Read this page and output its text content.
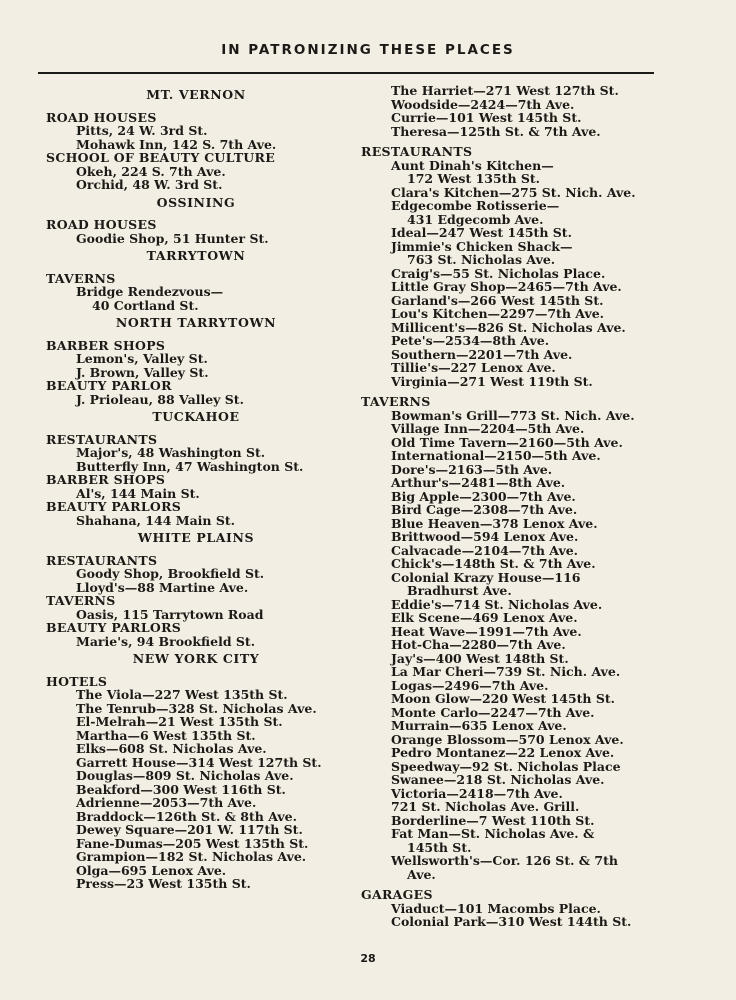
IN PATRONIZING THESE PLACES
MT. VERNON
ROAD HOUSES
Pitts, 24 W. 3rd St.
Mohawk Inn, 142 S. 7th Ave.
SCHOOL OF BEAUTY CULTURE
Okeh, 224 S. 7th Ave.
Orchid, 48 W. 3rd St.
OSSINING
ROAD HOUSES
Goodie Shop, 51 Hunter St.
TARRYTOWN
TAVERNS
Bridge Rendezvous—
40 Cortland St.
NORTH TARRYTOWN
BARBER SHOPS
Lemon's, Valley St.
J. Brown, Valley St.
BEAUTY PARLOR
J. Prioleau, 88 Valley St.
TUCKAHOE
RESTAURANTS
Major's, 48 Washington St.
Butterfly Inn, 47 Washington St.
BARBER SHOPS
Al's, 144 Main St.
BEAUTY PARLORS
Shahana, 144 Main St.
WHITE PLAINS
RESTAURANTS
Goody Shop, Brookfield St.
Lloyd's—88 Martine Ave.
TAVERNS
Oasis, 115 Tarrytown Road
BEAUTY PARLORS
Marie's, 94 Brookfield St.
NEW YORK CITY
HOTELS
The Viola—227 West 135th St.
The Tenrub—328 St. Nicholas Ave.
El-Melrah—21 West 135th St.
Martha—6 West 135th St.
Elks—608 St. Nicholas Ave.
Garrett House—314 West 127th St.
Douglas—809 St. Nicholas Ave.
Beakford—300 West 116th St.
Adrienne—2053—7th Ave.
Braddock—126th St. & 8th Ave.
Dewey Square—201 W. 117th St.
Fane-Dumas—205 West 135th St.
Grampion—182 St. Nicholas Ave.
Olga—695 Lenox Ave.
Press—23 West 135th St.
The Harriet—271 West 127th St.
Woodside—2424—7th Ave.
Currie—101 West 145th St.
Theresa—125th St. & 7th Ave.
RESTAURANTS
Aunt Dinah's Kitchen—
172 West 135th St.
Clara's Kitchen—275 St. Nich. Ave.
Edgecombe Rotisserie—
431 Edgecomb Ave.
Ideal—247 West 145th St.
Jimmie's Chicken Shack—
763 St. Nicholas Ave.
Craig's—55 St. Nicholas Place.
Little Gray Shop—2465—7th Ave.
Garland's—266 West 145th St.
Lou's Kitchen—2297—7th Ave.
Millicent's—826 St. Nicholas Ave.
Pete's—2534—8th Ave.
Southern—2201—7th Ave.
Tillie's—227 Lenox Ave.
Virginia—271 West 119th St.
TAVERNS
Bowman's Grill—773 St. Nich. Ave.
Village Inn—2204—5th Ave.
Old Time Tavern—2160—5th Ave.
International—2150—5th Ave.
Dore's—2163—5th Ave.
Arthur's—2481—8th Ave.
Big Apple—2300—7th Ave.
Bird Cage—2308—7th Ave.
Blue Heaven—378 Lenox Ave.
Brittwood—594 Lenox Ave.
Calvacade—2104—7th Ave.
Chick's—148th St. & 7th Ave.
Colonial Krazy House—116
Bradhurst Ave.
Eddie's—714 St. Nicholas Ave.
Elk Scene—469 Lenox Ave.
Heat Wave—1991—7th Ave.
Hot-Cha—2280—7th Ave.
Jay's—400 West 148th St.
La Mar Cheri—739 St. Nich. Ave.
Logas—2496—7th Ave.
Moon Glow—220 West 145th St.
Monte Carlo—2247—7th Ave.
Murrain—635 Lenox Ave.
Orange Blossom—570 Lenox Ave.
Pedro Montanez—22 Lenox Ave.
Speedway—92 St. Nicholas Place
Swanee—218 St. Nicholas Ave.
Victoria—2418—7th Ave.
721 St. Nicholas Ave. Grill.
Borderline—7 West 110th St.
Fat Man—St. Nicholas Ave. &
145th St.
Wellsworth's—Cor. 126 St. & 7th
Ave.
GARAGES
Viaduct—101 Macombs Place.
Colonial Park—310 West 144th St.
28
